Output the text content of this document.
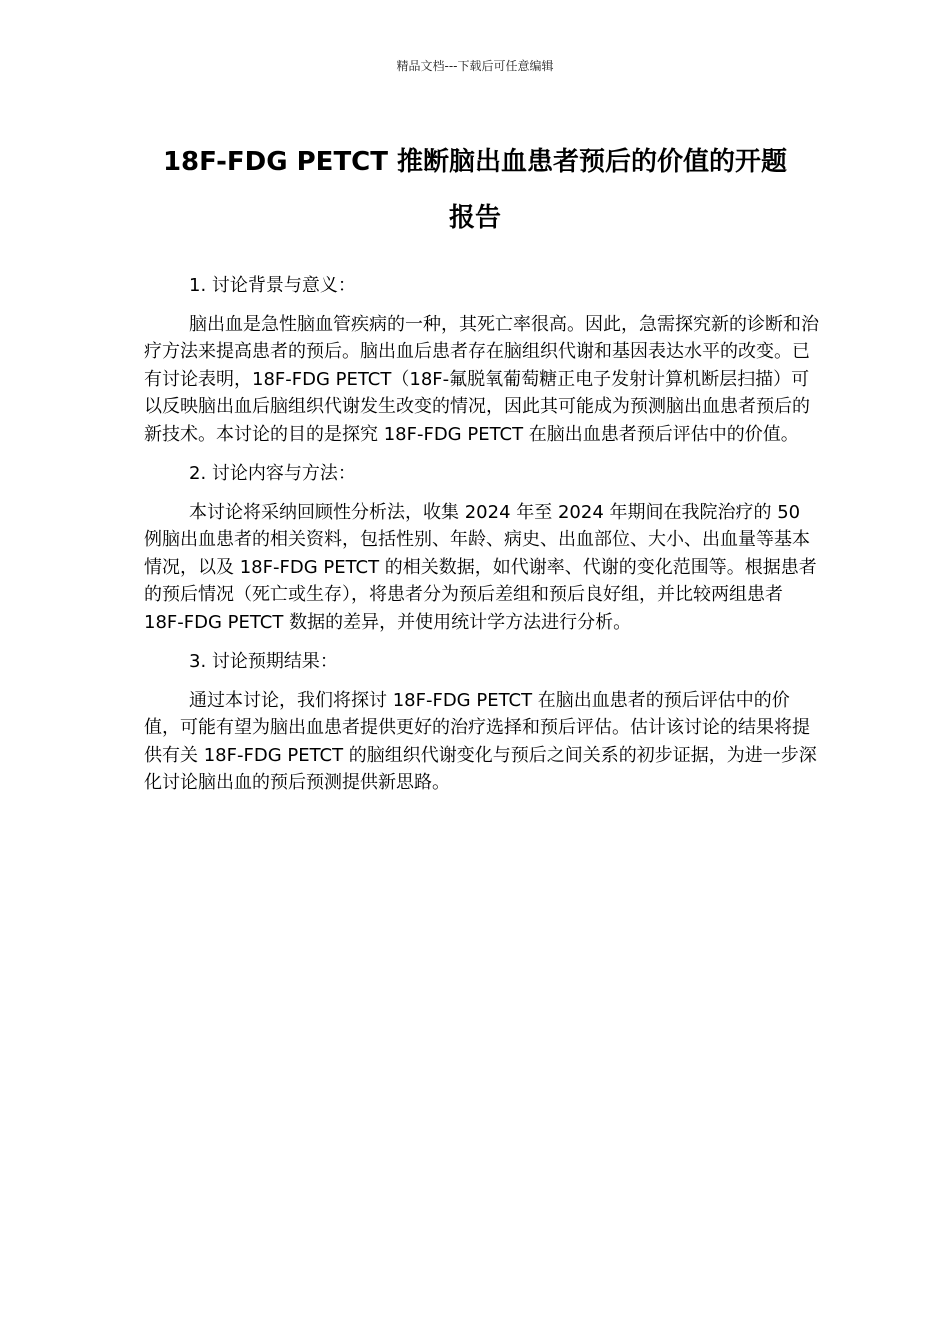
精品文档---下载后可任意编辑
18F-FDG PETCT 推断脑出血患者预后的价值的开题
报告

1. 讨论背景与意义：

脑出血是急性脑血管疾病的一种，其死亡率很高。因此，急需探究新的诊断和治疗方法来提高患者的预后。脑出血后患者存在脑组织代谢和基因表达水平的改变。已有讨论表明，18F-FDG PETCT（18F-氟脱氧葡萄糖正电子发射计算机断层扫描）可以反映脑出血后脑组织代谢发生改变的情况，因此其可能成为预测脑出血患者预后的新技术。本讨论的目的是探究 18F-FDG PETCT 在脑出血患者预后评估中的价值。

2. 讨论内容与方法：

本讨论将采纳回顾性分析法，收集 2024 年至 2024 年期间在我院治疗的 50 例脑出血患者的相关资料，包括性别、年龄、病史、出血部位、大小、出血量等基本情况，以及 18F-FDG PETCT 的相关数据，如代谢率、代谢的变化范围等。根据患者的预后情况（死亡或生存），将患者分为预后差组和预后良好组，并比较两组患者 18F-FDG PETCT 数据的差异，并使用统计学方法进行分析。

3. 讨论预期结果：

通过本讨论，我们将探讨 18F-FDG PETCT 在脑出血患者的预后评估中的价值，可能有望为脑出血患者提供更好的治疗选择和预后评估。估计该讨论的结果将提供有关 18F-FDG PETCT 的脑组织代谢变化与预后之间关系的初步证据，为进一步深化讨论脑出血的预后预测提供新思路。
